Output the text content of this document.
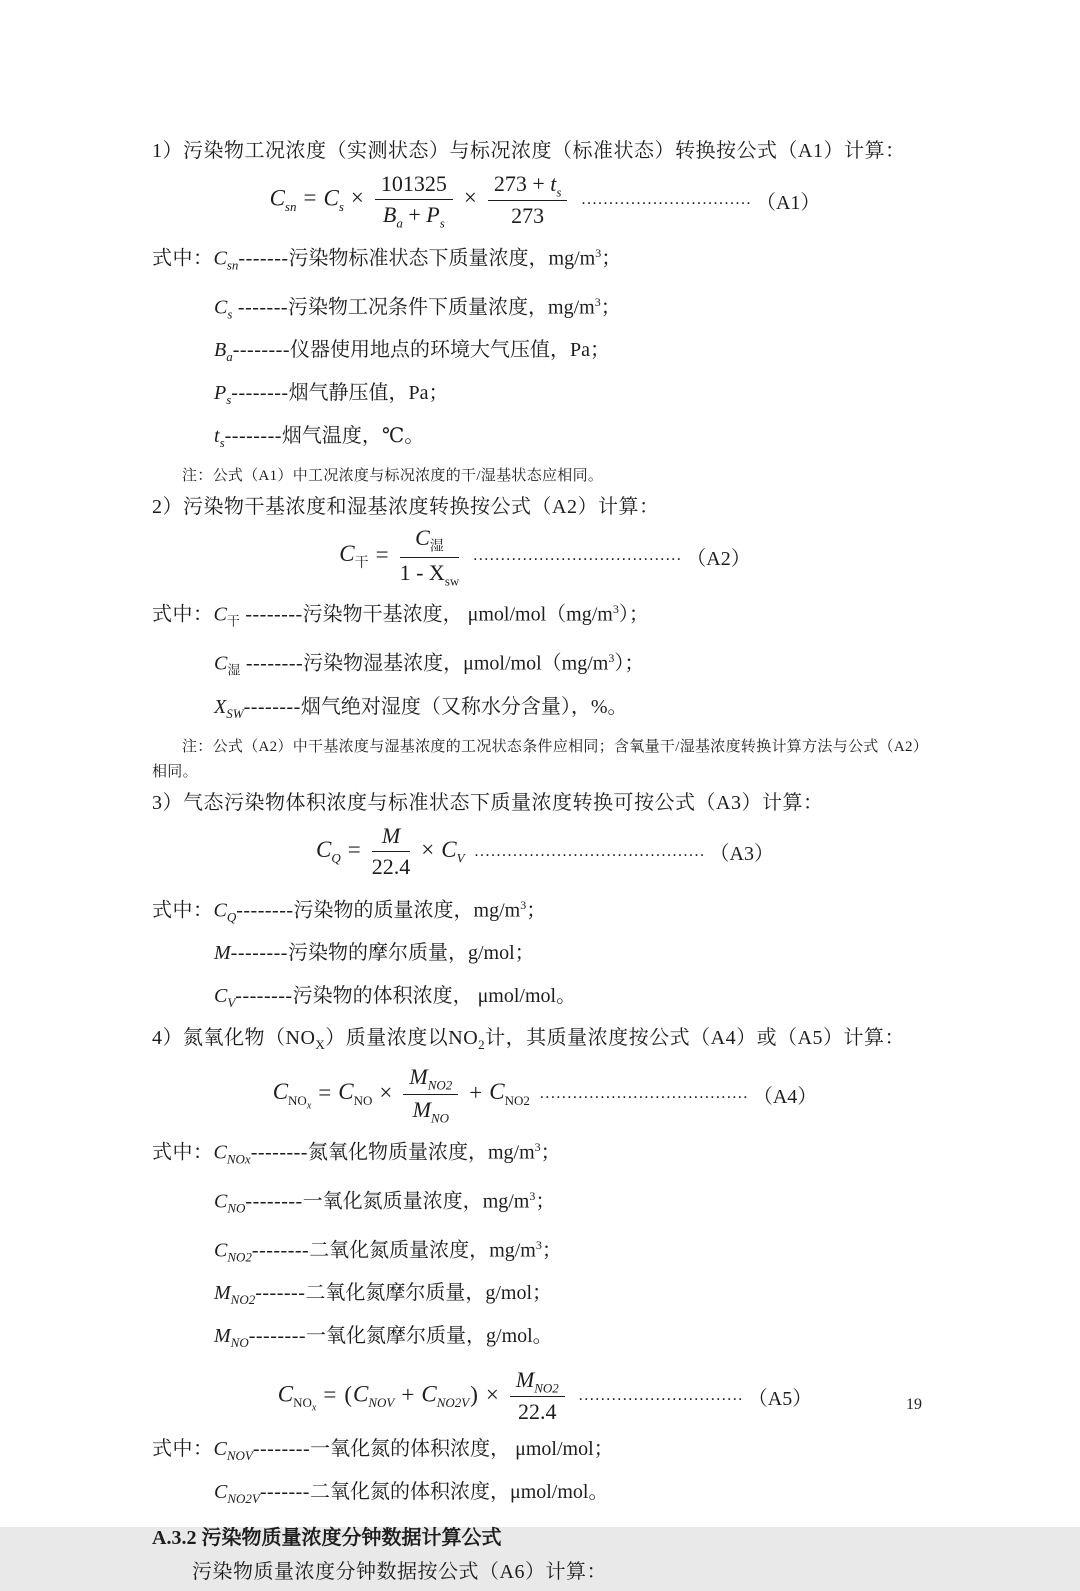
1）污染物工况浓度（实测状态）与标况浓度（标准状态）转换按公式（A1）计算：
$C_{sn} = C_s \times \frac{101325}{B_a + P_s} \times \frac{273 + t_s}{273}$ ............................... （A1）
式中：$C_{sn}-------$污染物标准状态下质量浓度，$mg/m^3$；
$C_s$ -------污染物工况条件下质量浓度，$mg/m^3$；
$B_a--------$仪器使用地点的环境大气压值，Pa；
$P_s--------$烟气静压值，Pa；
$t_s--------$烟气温度，℃。
注：公式（A1）中工况浓度与标况浓度的干/湿基状态应相同。
2）污染物干基浓度和湿基浓度转换按公式（A2）计算：
$C_干 = \frac{C_湿}{1 - X_{sw}}$ ...................................... （A2）
式中：$C_干$ --------污染物干基浓度， μmol/$mol(mg/m^3)$；
$C_湿$ --------污染物湿基浓度，μmol/$mol(mg/m^3)$；
$X_{SW}--------$烟气绝对湿度（又称水分含量），%。
注：公式（A2）中干基浓度与湿基浓度的工况状态条件应相同；含氧量干/湿基浓度转换计算方法与公式（A2）相同。
3）气态污染物体积浓度与标准状态下质量浓度转换可按公式（A3）计算：
$C_Q = \frac{M}{22.4} \times C_V$ .......................................... （A3）
式中：$C_Q--------$污染物的质量浓度，$mg/m^3$；
M--------污染物的摩尔质量，g/mol；
$C_V--------$污染物的体积浓度， μmol/mol。
4）氮氧化物$(NO_X)$质量浓度以$NO_2$计，其质量浓度按公式（A4）或（A5）计算：
$C_{NO_x}= C_{NO} \times \frac{M_{NO2}}{M_{NO}} + C_{NO2}$ ...................................... （A4）
式中：$C_{NOx}--------$氮氧化物质量浓度，$mg/m^3$；
$C_{NO}--------$一氧化氮质量浓度，$mg/m^3$；
$C_{NO2}--------$二氧化氮质量浓度，$mg/m^3$；
$M_{NO2}-------$二氧化氮摩尔质量，g/mol；
$M_{NO}--------$一氧化氮摩尔质量，g/mol。
$C_{NO_x}= (C_{NOV} + C_{NO2V}) \times \frac{M_{NO2}}{22.4}$ .............................. （A5）
式中：$C_{NOV}--------$一氧化氮的体积浓度， μmol/mol；
$C_{NO2V}-------$二氧化氮的体积浓度，μmol/mol。
A.3.2 污染物质量浓度分钟数据计算公式
污染物质量浓度分钟数据按公式（A6）计算：
19
